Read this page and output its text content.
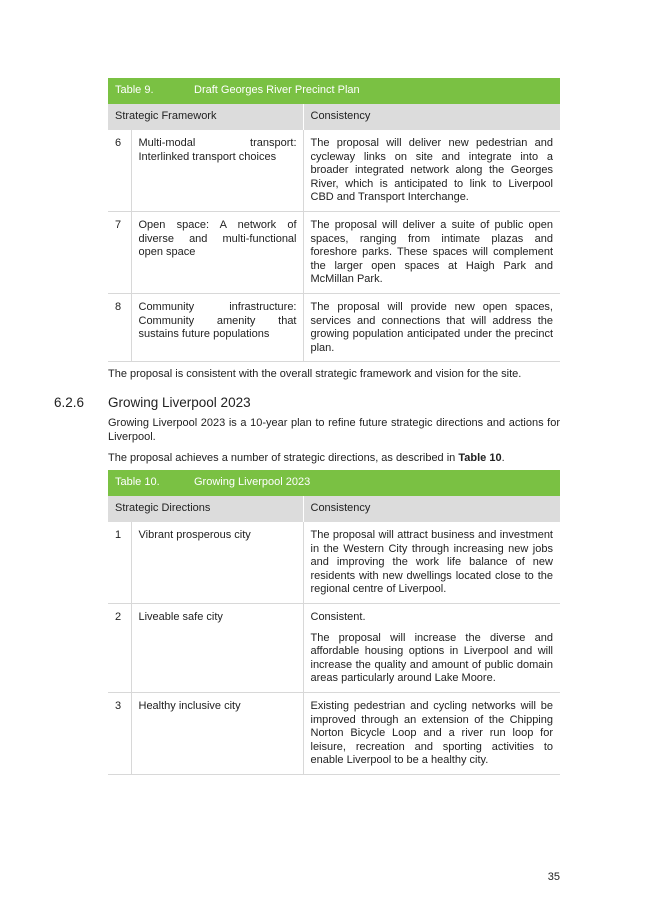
Table 9. Draft Georges River Precinct Plan		
Strategic Framework		Consistency
6	Multi-modal transport: Interlinked transport choices	The proposal will deliver new pedestrian and cycleway links on site and integrate into a broader integrated network along the Georges River, which is anticipated to link to Liverpool CBD and Transport Interchange.
7	Open space: A network of diverse and multi-functional open space	The proposal will deliver a suite of public open spaces, ranging from intimate plazas and foreshore parks. These spaces will complement the larger open spaces at Haigh Park and McMillan Park.
8	Community infrastructure: Community amenity that sustains future populations	The proposal will provide new open spaces, services and connections that will address the growing population anticipated under the precinct plan.

The proposal is consistent with the overall strategic framework and vision for the site.

6.2.6 Growing Liverpool 2023

Growing Liverpool 2023 is a 10-year plan to refine future strategic directions and actions for Liverpool.

The proposal achieves a number of strategic directions, as described in Table 10.

Table 10. Growing Liverpool 2023		
Strategic Directions		Consistency
1	Vibrant prosperous city	The proposal will attract business and investment in the Western City through increasing new jobs and improving the work life balance of new residents with new dwellings located close to the regional centre of Liverpool.
2	Liveable safe city	Consistent.
The proposal will increase the diverse and affordable housing options in Liverpool and will increase the quality and amount of public domain areas particularly around Lake Moore.

3	Healthy inclusive city	Existing pedestrian and cycling networks will be improved through an extension of the Chipping Norton Bicycle Loop and a river run loop for leisure, recreation and sporting activities to enable Liverpool to be a healthy city.
35
